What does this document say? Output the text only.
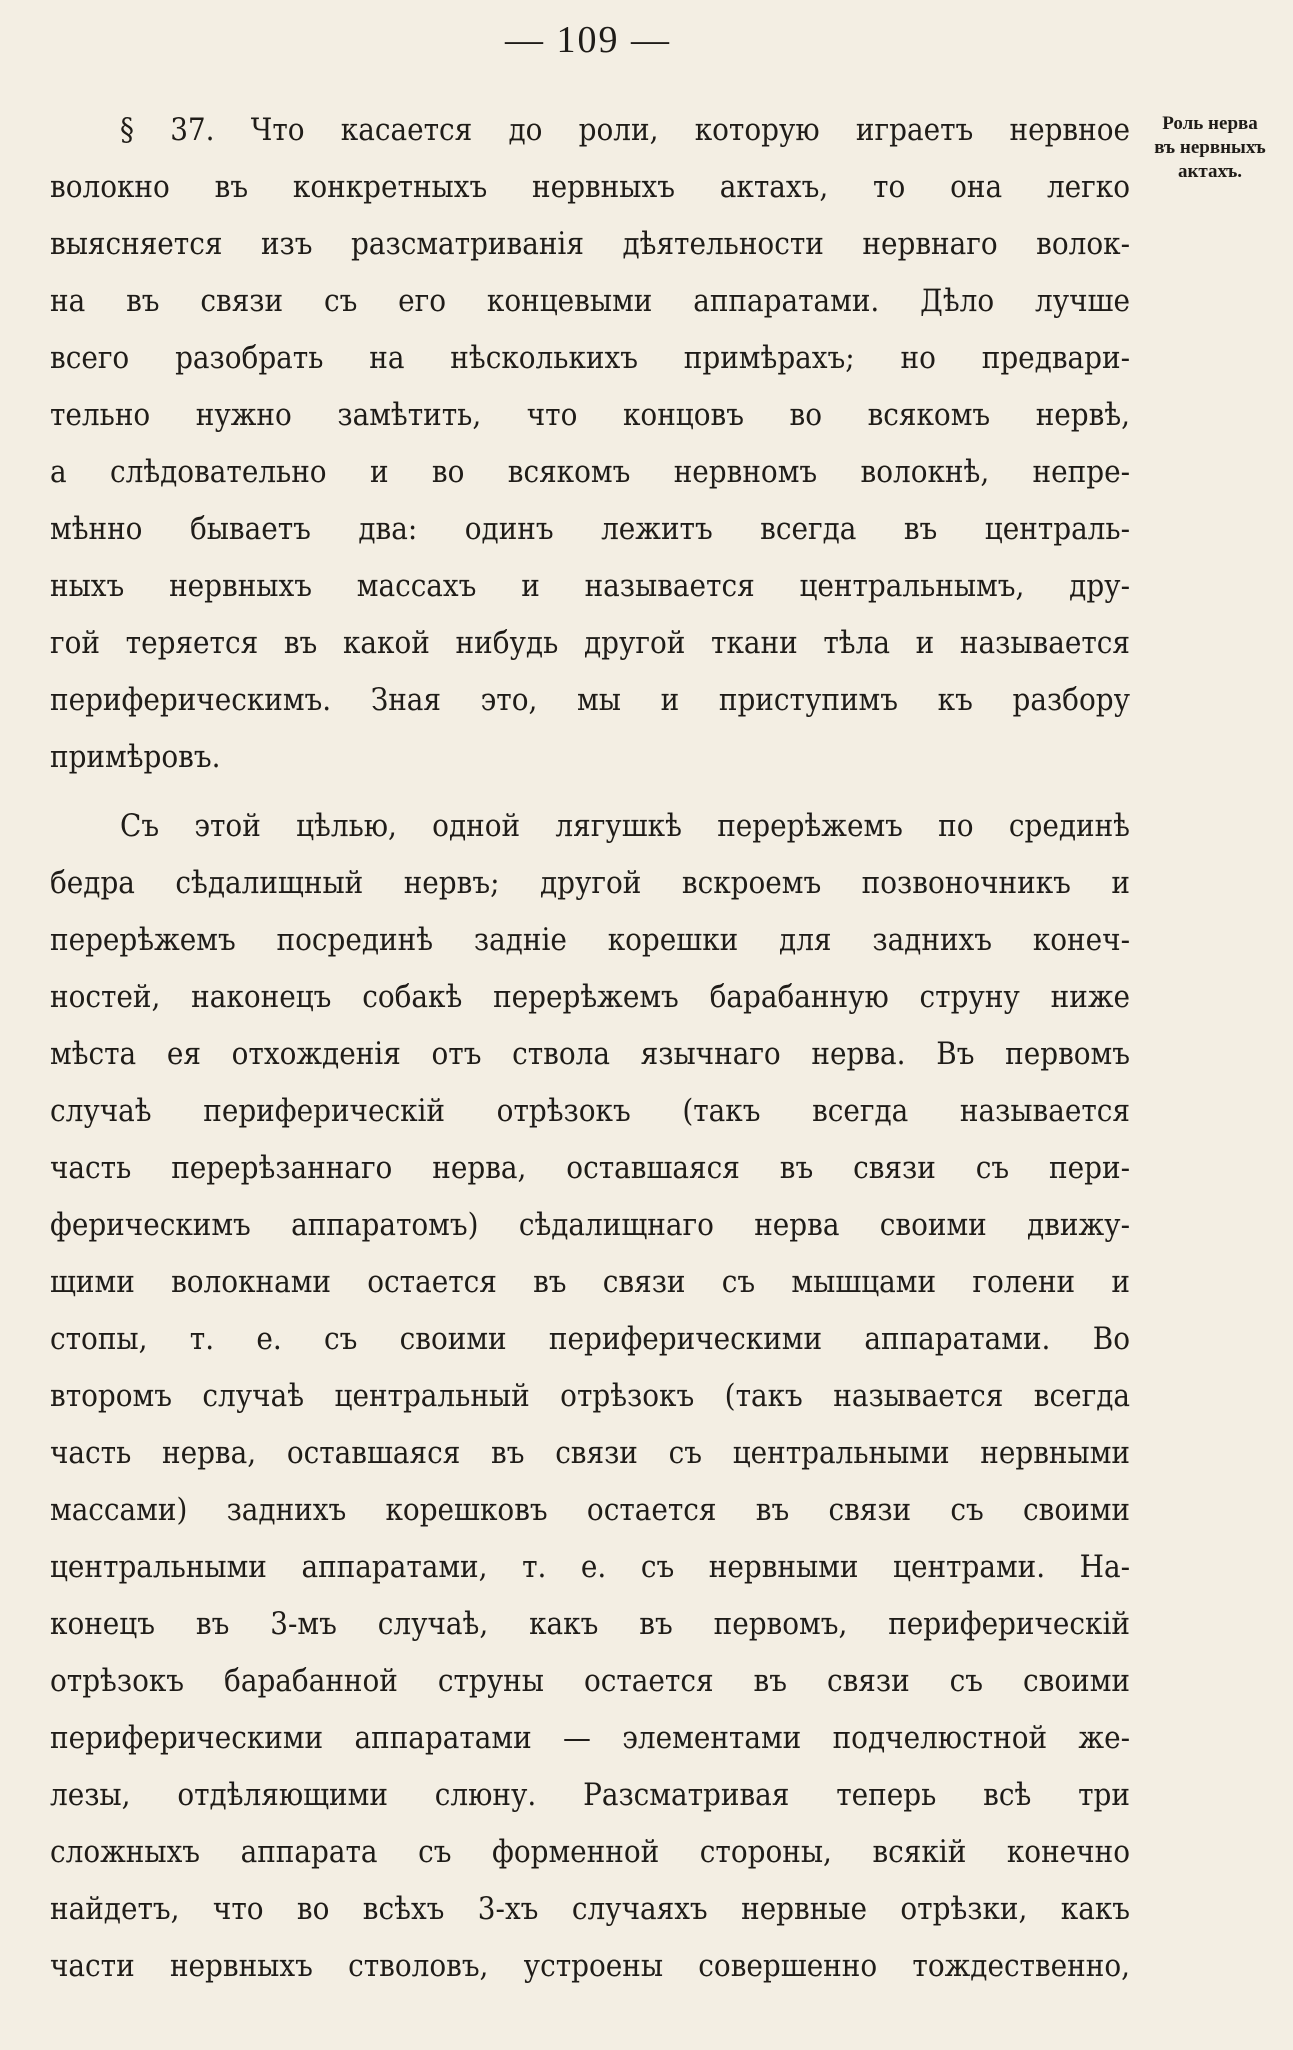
— 109 —
Роль нерва
въ нервныхъ
актахъ.
§ 37. Что касается до роли, которую играетъ нервное
волокно въ конкретныхъ нервныхъ актахъ, то она легко
выясняется изъ разсматриванія дѣятельности нервнаго волок-
на въ связи съ его концевыми аппаратами. Дѣло лучше
всего разобрать на нѣсколькихъ примѣрахъ; но предвари-
тельно нужно замѣтить, что концовъ во всякомъ нервѣ,
а слѣдовательно и во всякомъ нервномъ волокнѣ, непре-
мѣнно бываетъ два: одинъ лежитъ всегда въ централь-
ныхъ нервныхъ массахъ и называется центральнымъ, дру-
гой теряется въ какой нибудь другой ткани тѣла и называется
периферическимъ. Зная это, мы и приступимъ къ разбору
примѣровъ.
Съ этой цѣлью, одной лягушкѣ перерѣжемъ по срединѣ
бедра сѣдалищный нервъ; другой вскроемъ позвоночникъ и
перерѣжемъ посрединѣ задніе корешки для заднихъ конеч-
ностей, наконецъ собакѣ перерѣжемъ барабанную струну ниже
мѣста ея отхожденія отъ ствола язычнаго нерва. Въ первомъ
случаѣ периферическій отрѣзокъ (такъ всегда называется
часть перерѣзаннаго нерва, оставшаяся въ связи съ пери-
ферическимъ аппаратомъ) сѣдалищнаго нерва своими движу-
щими волокнами остается въ связи съ мышцами голени и
стопы, т. е. съ своими периферическими аппаратами. Во
второмъ случаѣ центральный отрѣзокъ (такъ называется всегда
часть нерва, оставшаяся въ связи съ центральными нервными
массами) заднихъ корешковъ остается въ связи съ своими
центральными аппаратами, т. е. съ нервными центрами. На-
конецъ въ 3-мъ случаѣ, какъ въ первомъ, периферическій
отрѣзокъ барабанной струны остается въ связи съ своими
периферическими аппаратами — элементами подчелюстной же-
лезы, отдѣляющими слюну. Разсматривая теперь всѣ три
сложныхъ аппарата съ форменной стороны, всякій конечно
найдетъ, что во всѣхъ 3-хъ случаяхъ нервные отрѣзки, какъ
части нервныхъ стволовъ, устроены совершенно тождественно,
